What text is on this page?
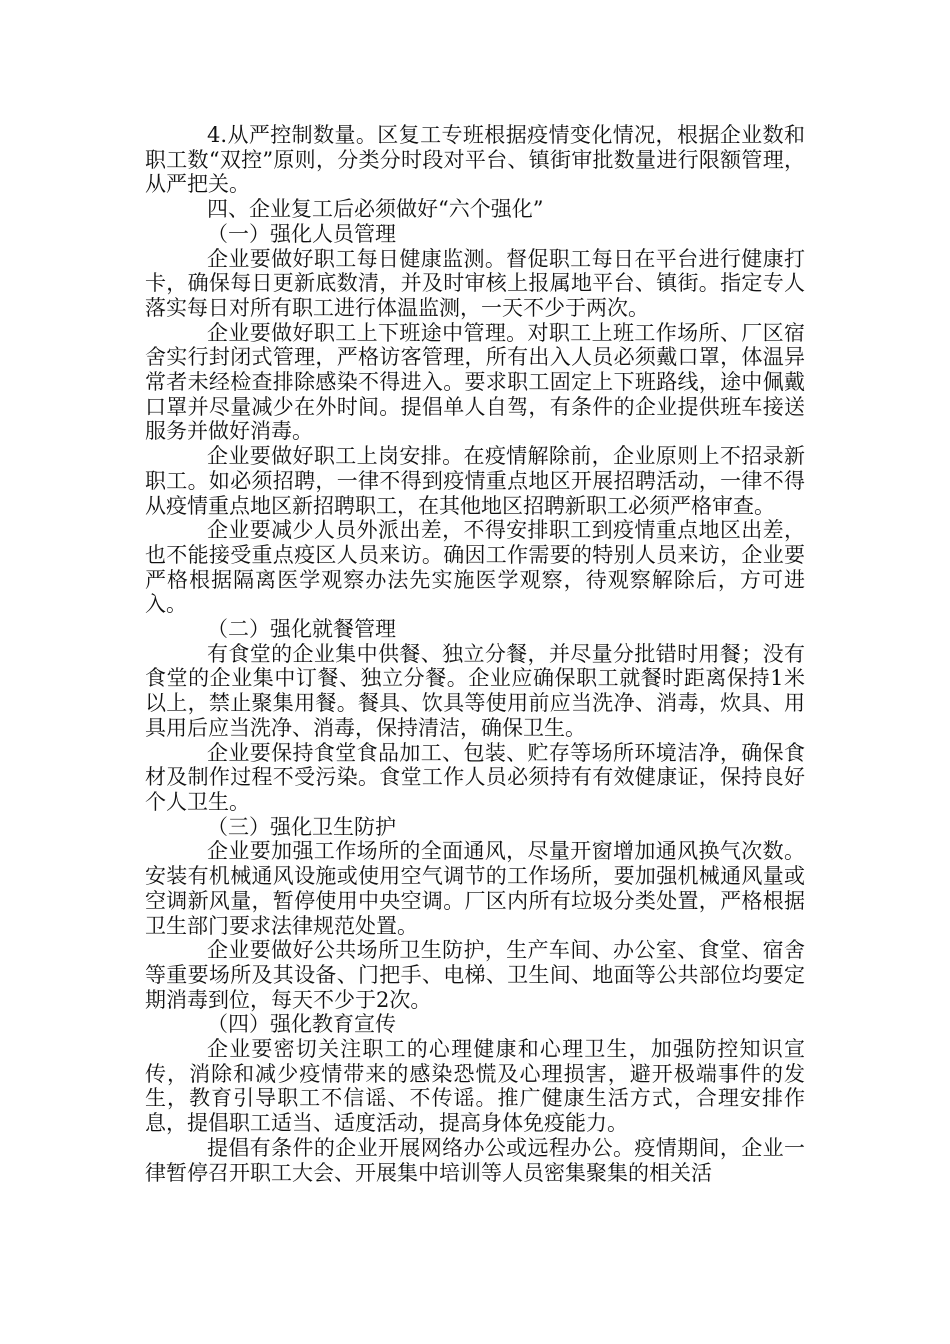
4.从严控制数量。区复工专班根据疫情变化情况，根据企业数和职工数“双控”原则，分类分时段对平台、镇街审批数量进行限额管理，从严把关。

四、企业复工后必须做好“六个强化”

（一）强化人员管理

企业要做好职工每日健康监测。督促职工每日在平台进行健康打卡，确保每日更新底数清，并及时审核上报属地平台、镇街。指定专人落实每日对所有职工进行体温监测，一天不少于两次。

企业要做好职工上下班途中管理。对职工上班工作场所、厂区宿舍实行封闭式管理，严格访客管理，所有出入人员必须戴口罩，体温异常者未经检查排除感染不得进入。要求职工固定上下班路线，途中佩戴口罩并尽量减少在外时间。提倡单人自驾，有条件的企业提供班车接送服务并做好消毒。

企业要做好职工上岗安排。在疫情解除前，企业原则上不招录新职工。如必须招聘，一律不得到疫情重点地区开展招聘活动，一律不得从疫情重点地区新招聘职工，在其他地区招聘新职工必须严格审查。

企业要减少人员外派出差，不得安排职工到疫情重点地区出差，也不能接受重点疫区人员来访。确因工作需要的特别人员来访，企业要严格根据隔离医学观察办法先实施医学观察，待观察解除后，方可进入。

（二）强化就餐管理

有食堂的企业集中供餐、独立分餐，并尽量分批错时用餐；没有食堂的企业集中订餐、独立分餐。企业应确保职工就餐时距离保持1米以上，禁止聚集用餐。餐具、饮具等使用前应当洗净、消毒，炊具、用具用后应当洗净、消毒，保持清洁，确保卫生。

企业要保持食堂食品加工、包装、贮存等场所环境洁净，确保食材及制作过程不受污染。食堂工作人员必须持有有效健康证，保持良好个人卫生。

（三）强化卫生防护

企业要加强工作场所的全面通风，尽量开窗增加通风换气次数。安装有机械通风设施或使用空气调节的工作场所，要加强机械通风量或空调新风量，暂停使用中央空调。厂区内所有垃圾分类处置，严格根据卫生部门要求法律规范处置。

企业要做好公共场所卫生防护，生产车间、办公室、食堂、宿舍等重要场所及其设备、门把手、电梯、卫生间、地面等公共部位均要定期消毒到位，每天不少于2次。

（四）强化教育宣传

企业要密切关注职工的心理健康和心理卫生，加强防控知识宣传，消除和减少疫情带来的感染恐慌及心理损害，避开极端事件的发生，教育引导职工不信谣、不传谣。推广健康生活方式，合理安排作息，提倡职工适当、适度活动，提高身体免疫能力。

提倡有条件的企业开展网络办公或远程办公。疫情期间，企业一律暂停召开职工大会、开展集中培训等人员密集聚集的相关活
